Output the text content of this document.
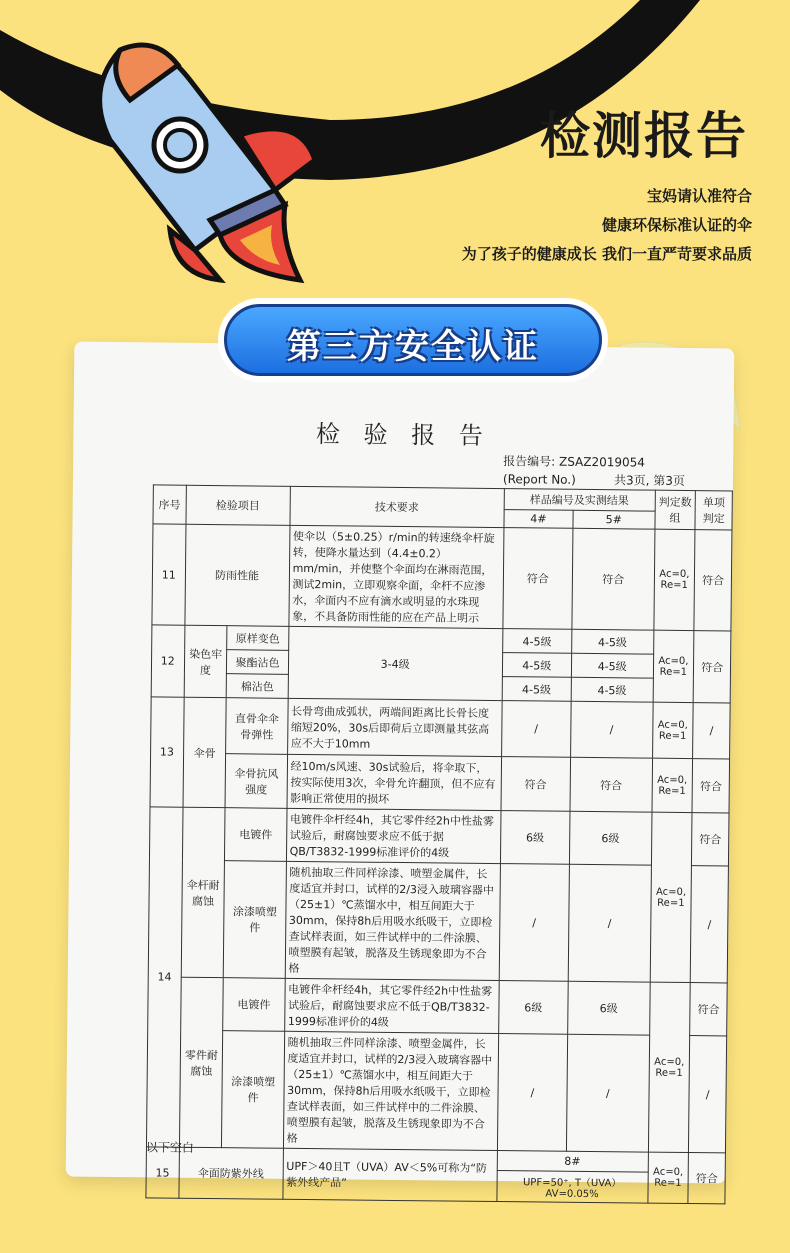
检测报告
宝妈请认准符合
健康环保标准认证的伞
为了孩子的健康成长 我们一直严苛要求品质
检 验 报 告
报告编号: ZSAZ2019054
(Report No.)	共3页, 第3页
序号	检验项目		技术要求	样品编号及实测结果		判定数组	单项判定
				4#	5#		
11	防雨性能		使伞以（5±0.25）r/min的转速绕伞杆旋转，使降水量达到（4.4±0.2）mm/min，并使整个伞面均在淋雨范围，测试2min，立即观察伞面，伞杆不应渗水，伞面内不应有滴水或明显的水珠现象，不具备防雨性能的应在产品上明示	符合	符合	Ac=0, Re=1	符合
12	染色牢度	原样变色	3-4级	4-5级	4-5级	Ac=0, Re=1	符合
		聚酯沾色		4-5级	4-5级		
		棉沾色		4-5级	4-5级		
13	伞骨	直骨伞伞骨弹性	长骨弯曲成弧状，两端间距离比长骨长度缩短20%，30s后即荷后立即测量其弦高应不大于10mm	/	/	Ac=0, Re=1	/
		伞骨抗风强度	经10m/s风速、30s试验后，将伞取下，按实际使用3次，伞骨允许翻顶，但不应有影响正常使用的损坏	符合	符合	Ac=0, Re=1	符合
14	伞杆耐腐蚀	电镀件	电镀件伞杆经4h，其它零件经2h中性盐雾试验后，耐腐蚀要求应不低于据QB/T3832-1999标准评价的4级	6级	6级	Ac=0, Re=1	符合
		涂漆喷塑件	随机抽取三件同样涂漆、喷塑金属件，长度适宜并封口，试样的2/3浸入玻璃容器中（25±1）℃蒸馏水中，相互间距大于30mm，保持8h后用吸水纸吸干，立即检查试样表面，如三件试样中的二件涂膜、喷塑膜有起皱，脱落及生锈现象即为不合格	/	/		/
	零件耐腐蚀	电镀件	电镀件伞杆经4h，其它零件经2h中性盐雾试验后，耐腐蚀要求应不低于QB/T3832-1999标准评价的4级	6级	6级	Ac=0, Re=1	符合
		涂漆喷塑件	随机抽取三件同样涂漆、喷塑金属件，长度适宜并封口，试样的2/3浸入玻璃容器中（25±1）℃蒸馏水中，相互间距大于30mm，保持8h后用吸水纸吸干，立即检查试样表面，如三件试样中的二件涂膜、喷塑膜有起皱，脱落及生锈现象即为不合格	/	/		/
15	伞面防紫外线		UPF＞40且T（UVA）AV＜5%可称为“防紫外线产品”	8#		Ac=0, Re=1	符合
				UPF=50⁺, T（UVA）AV=0.05%			
以下空白
第三方安全认证
